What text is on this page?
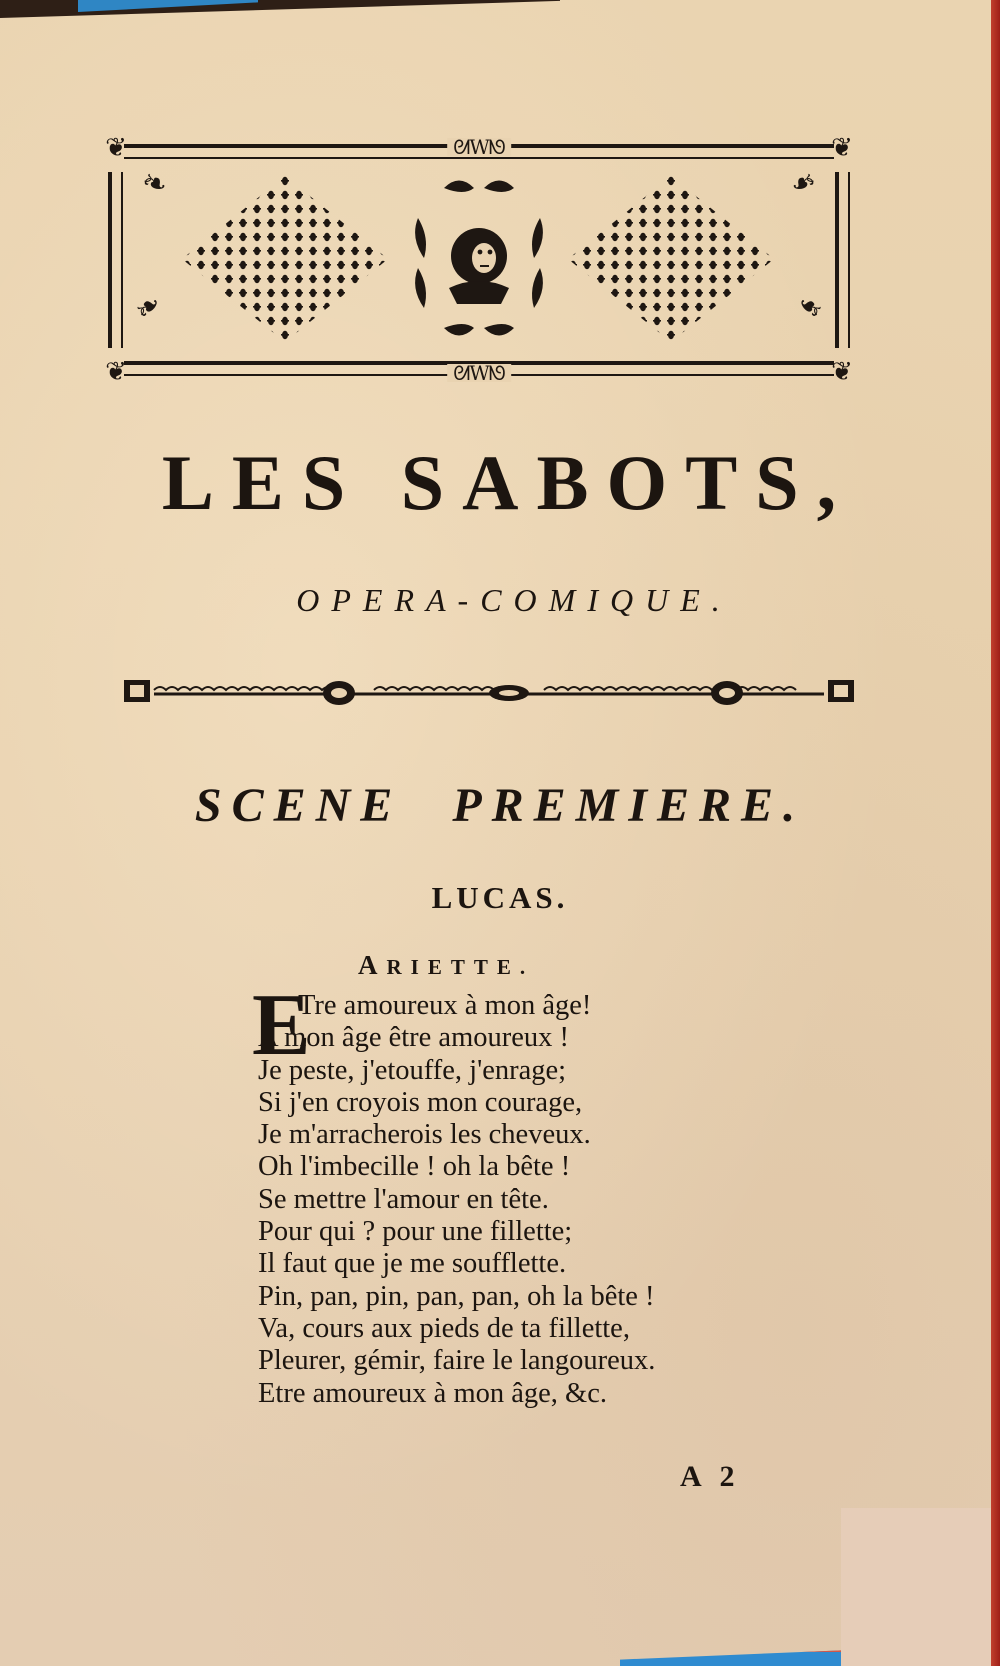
❦	❦
❦	❦
ᘛWᘚ
ᘛWᘚ
❧
❧
❧
❧
LES SABOTS,
OPERA-COMIQUE.
SCENE PREMIERE.
LUCAS.
ARIETTE.
E
Tre amoureux à mon âge!
A mon âge être amoureux !
Je peste, j'etouffe, j'enrage;
Si j'en croyois mon courage,
Je m'arracherois les cheveux.
Oh l'imbecille ! oh la bête !
Se mettre l'amour en tête.
Pour qui ? pour une fillette;
Il faut que je me soufflette.
Pin, pan, pin, pan, pan, oh la bête !
Va, cours aux pieds de ta fillette,
Pleurer, gémir, faire le langoureux.
Etre amoureux à mon âge, &c.
A 2
